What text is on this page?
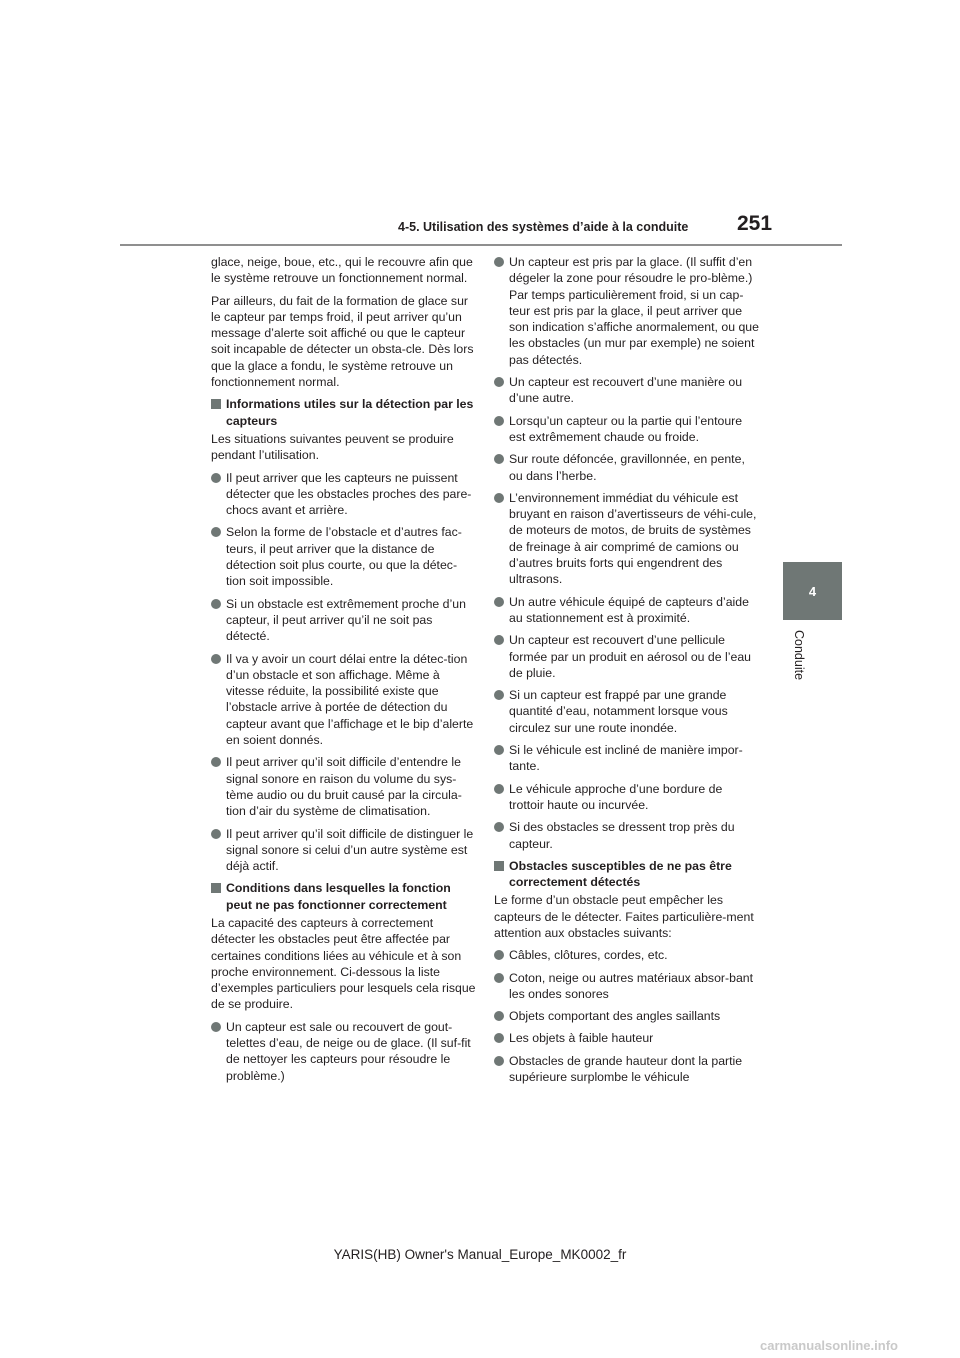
4-5. Utilisation des systèmes d’aide à la conduite 251
4
Conduite

glace, neige, boue, etc., qui le recouvre afin que le système retrouve un fonctionnement normal.

Par ailleurs, du fait de la formation de glace sur le capteur par temps froid, il peut arriver qu’un message d’alerte soit affiché ou que le capteur soit incapable de détecter un obsta-cle. Dès lors que la glace a fondu, le système retrouve un fonctionnement normal.

Informations utiles sur la détection par les capteurs

Les situations suivantes peuvent se produire pendant l’utilisation.

Il peut arriver que les capteurs ne puissent détecter que les obstacles proches des pare-chocs avant et arrière.
Selon la forme de l’obstacle et d’autres fac-teurs, il peut arriver que la distance de détection soit plus courte, ou que la détec-tion soit impossible.
Si un obstacle est extrêmement proche d’un capteur, il peut arriver qu’il ne soit pas détecté.
Il va y avoir un court délai entre la détec-tion d’un obstacle et son affichage. Même à vitesse réduite, la possibilité existe que l’obstacle arrive à portée de détection du capteur avant que l’affichage et le bip d’alerte en soient donnés.
Il peut arriver qu’il soit difficile d’entendre le signal sonore en raison du volume du sys-tème audio ou du bruit causé par la circula-tion d’air du système de climatisation.
Il peut arriver qu’il soit difficile de distinguer le signal sonore si celui d’un autre système est déjà actif.
Conditions dans lesquelles la fonction peut ne pas fonctionner correctement

La capacité des capteurs à correctement détecter les obstacles peut être affectée par certaines conditions liées au véhicule et à son proche environnement. Ci-dessous la liste d’exemples particuliers pour lesquels cela risque de se produire.

Un capteur est sale ou recouvert de gout-telettes d’eau, de neige ou de glace. (Il suf-fit de nettoyer les capteurs pour résoudre le problème.)
Un capteur est pris par la glace. (Il suffit d’en dégeler la zone pour résoudre le pro-blème.) Par temps particulièrement froid, si un cap-teur est pris par la glace, il peut arriver que son indication s’affiche anormalement, ou que les obstacles (un mur par exemple) ne soient pas détectés.
Un capteur est recouvert d’une manière ou d’une autre.
Lorsqu’un capteur ou la partie qui l’entoure est extrêmement chaude ou froide.
Sur route défoncée, gravillonnée, en pente, ou dans l’herbe.
L’environnement immédiat du véhicule est bruyant en raison d’avertisseurs de véhi-cule, de moteurs de motos, de bruits de systèmes de freinage à air comprimé de camions ou d’autres bruits forts qui engendrent des ultrasons.
Un autre véhicule équipé de capteurs d’aide au stationnement est à proximité.
Un capteur est recouvert d’une pellicule formée par un produit en aérosol ou de l’eau de pluie.
Si un capteur est frappé par une grande quantité d’eau, notamment lorsque vous circulez sur une route inondée.
Si le véhicule est incliné de manière impor-tante.
Le véhicule approche d’une bordure de trottoir haute ou incurvée.
Si des obstacles se dressent trop près du capteur.
Obstacles susceptibles de ne pas être correctement détectés

Le forme d’un obstacle peut empêcher les capteurs de le détecter. Faites particulière-ment attention aux obstacles suivants:

Câbles, clôtures, cordes, etc.
Coton, neige ou autres matériaux absor-bant les ondes sonores
Objets comportant des angles saillants
Les objets à faible hauteur
Obstacles de grande hauteur dont la partie supérieure surplombe le véhicule
YARIS(HB) Owner's Manual_Europe_MK0002_fr
carmanualsonline.info
